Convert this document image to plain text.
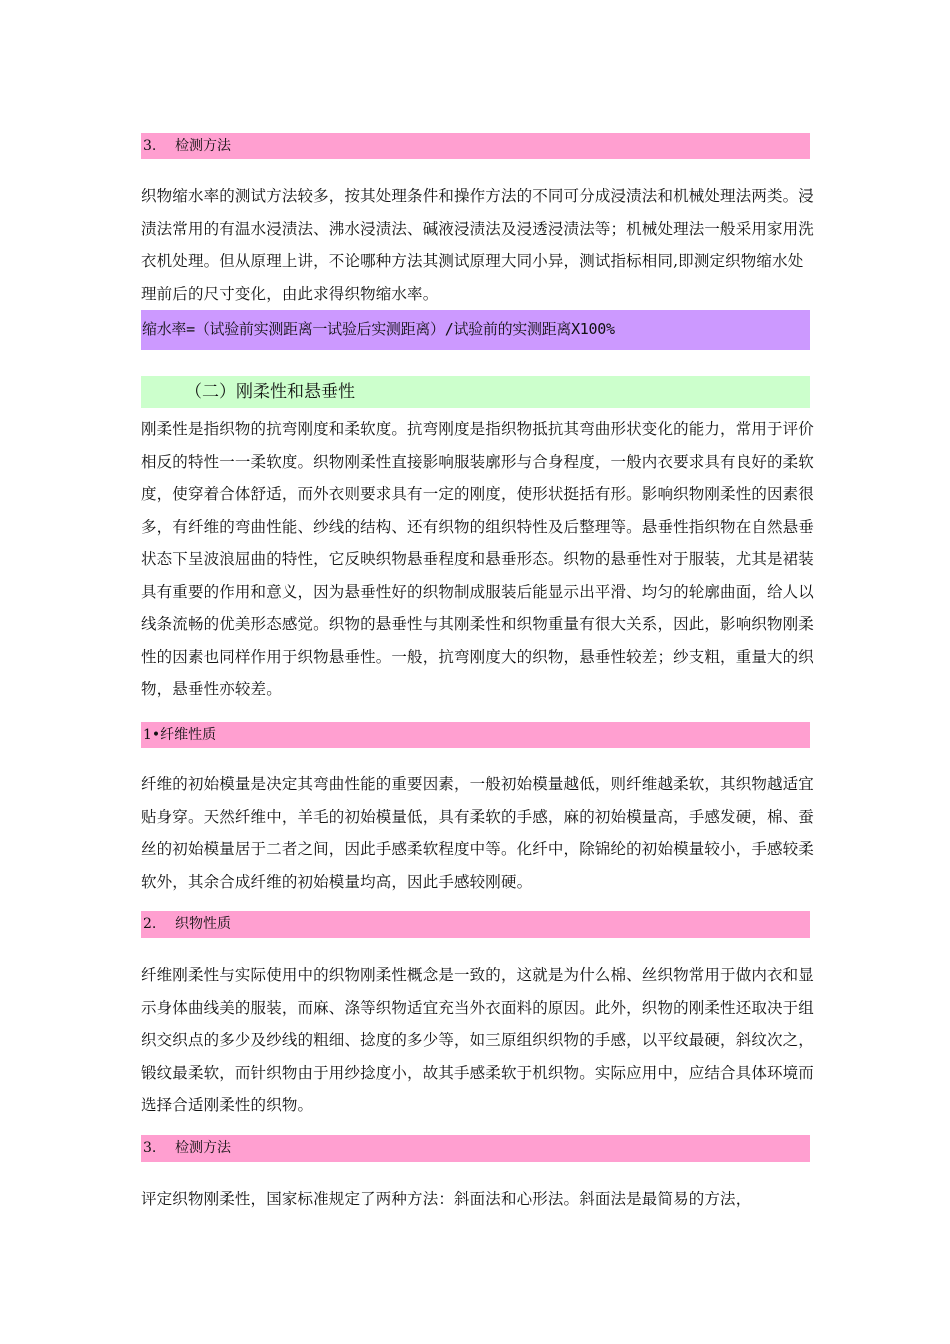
3. 检测方法
织物缩水率的测试方法较多，按其处理条件和操作方法的不同可分成浸渍法和机械处理法两类。浸渍法常用的有温水浸渍法、沸水浸渍法、碱液浸渍法及浸透浸渍法等；机械处理法一般采用家用洗衣机处理。但从原理上讲，不论哪种方法其测试原理大同小异，测试指标相同,即测定织物缩水处理前后的尺寸变化，由此求得织物缩水率。
缩水率=（试验前实测距离一试验后实测距离）/试验前的实测距离X100%
（二）刚柔性和悬垂性
刚柔性是指织物的抗弯刚度和柔软度。抗弯刚度是指织物抵抗其弯曲形状变化的能力，常用于评价相反的特性一一柔软度。织物刚柔性直接影响服装廓形与合身程度，一般内衣要求具有良好的柔软度，使穿着合体舒适，而外衣则要求具有一定的刚度，使形状挺括有形。影响织物刚柔性的因素很多，有纤维的弯曲性能、纱线的结构、还有织物的组织特性及后整理等。悬垂性指织物在自然悬垂状态下呈波浪屈曲的特性，它反映织物悬垂程度和悬垂形态。织物的悬垂性对于服装，尤其是裙装具有重要的作用和意义，因为悬垂性好的织物制成服装后能显示出平滑、均匀的轮廓曲面，给人以线条流畅的优美形态感觉。织物的悬垂性与其刚柔性和织物重量有很大关系，因此，影响织物刚柔性的因素也同样作用于织物悬垂性。一般，抗弯刚度大的织物，悬垂性较差；纱支粗，重量大的织物，悬垂性亦较差。
1•纤维性质
纤维的初始模量是决定其弯曲性能的重要因素，一般初始模量越低，则纤维越柔软，其织物越适宜贴身穿。天然纤维中，羊毛的初始模量低，具有柔软的手感，麻的初始模量高，手感发硬，棉、蚕丝的初始模量居于二者之间，因此手感柔软程度中等。化纤中，除锦纶的初始模量较小，手感较柔软外，其余合成纤维的初始模量均高，因此手感较刚硬。
2. 织物性质
纤维刚柔性与实际使用中的织物刚柔性概念是一致的，这就是为什么棉、丝织物常用于做内衣和显示身体曲线美的服装，而麻、涤等织物适宜充当外衣面料的原因。此外，织物的刚柔性还取决于组织交织点的多少及纱线的粗细、捻度的多少等，如三原组织织物的手感，以平纹最硬，斜纹次之，锻纹最柔软，而针织物由于用纱捻度小，故其手感柔软于机织物。实际应用中，应结合具体环境而选择合适刚柔性的织物。
3. 检测方法
评定织物刚柔性，国家标准规定了两种方法：斜面法和心形法。斜面法是最简易的方法，
